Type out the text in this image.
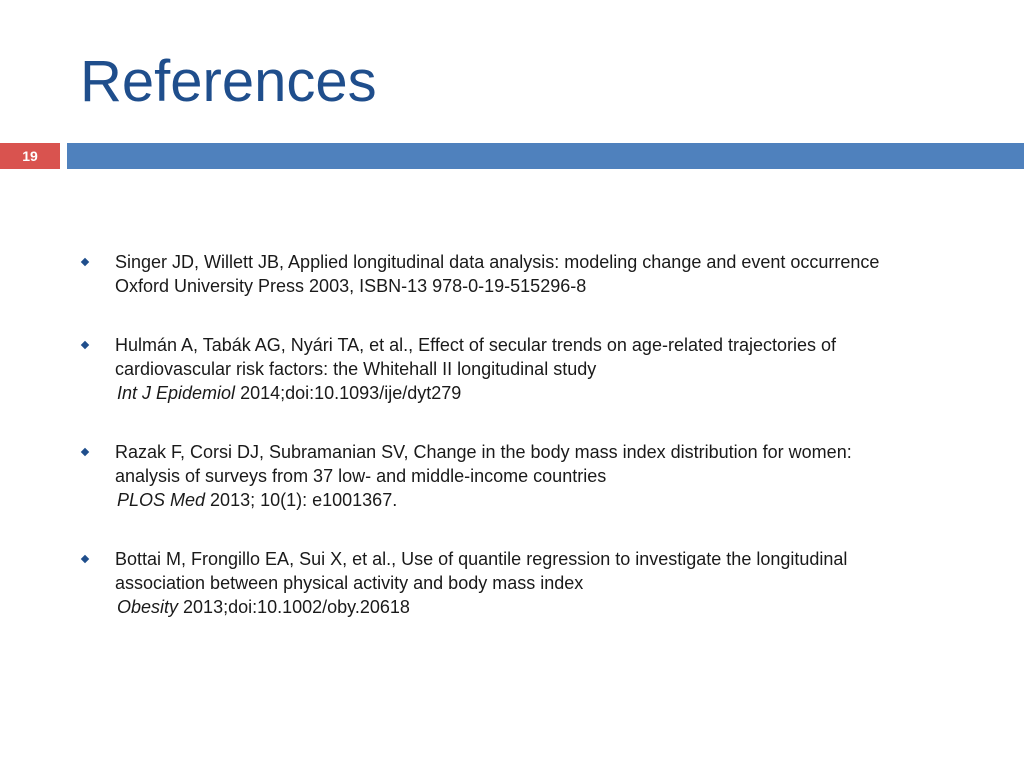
References
19
Singer JD, Willett JB, Applied longitudinal data analysis: modeling change and event occurrence
Oxford University Press 2003, ISBN-13 978-0-19-515296-8
Hulmán A, Tabák AG, Nyári TA, et al., Effect of secular trends on age-related trajectories of
cardiovascular risk factors: the Whitehall II longitudinal study
Int J Epidemiol 2014;doi:10.1093/ije/dyt279
Razak F, Corsi DJ, Subramanian SV, Change in the body mass index distribution for women:
analysis of surveys from 37 low- and middle-income countries
PLOS Med 2013; 10(1): e1001367.
Bottai M, Frongillo EA, Sui X, et al., Use of quantile regression to investigate the longitudinal
association between physical activity and body mass index
Obesity 2013;doi:10.1002/oby.20618
